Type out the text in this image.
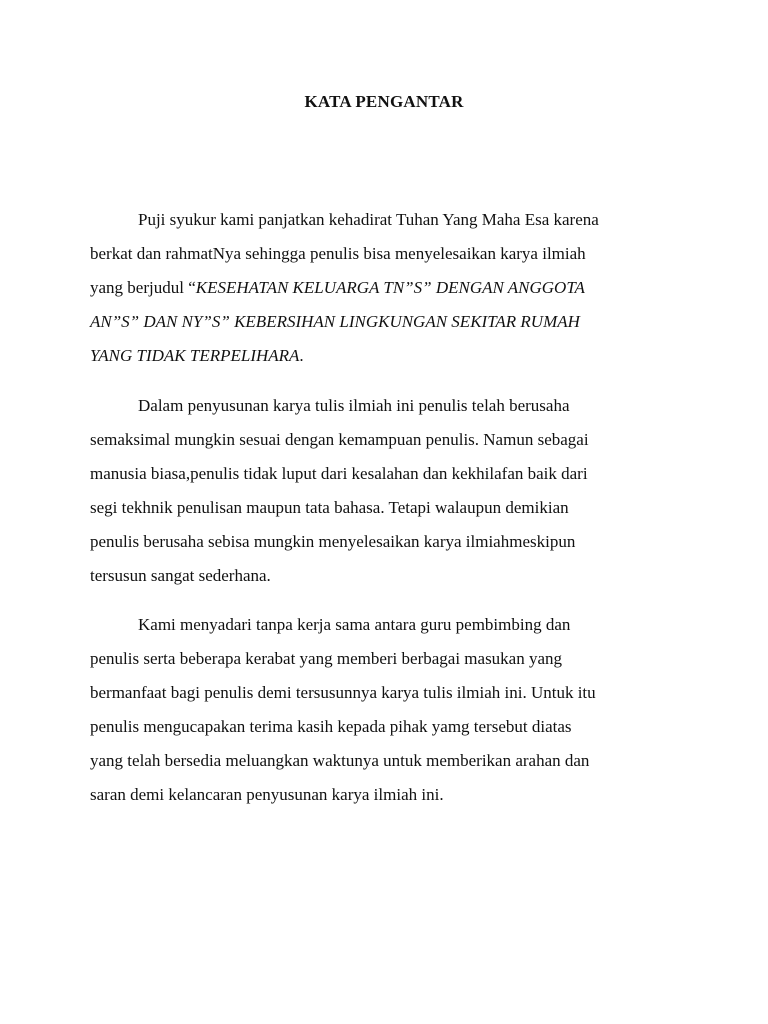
KATA PENGANTAR
Puji syukur kami panjatkan kehadirat Tuhan Yang Maha Esa karena
berkat dan rahmatNya sehingga penulis bisa menyelesaikan karya ilmiah
yang berjudul “KESEHATAN KELUARGA TN”S” DENGAN ANGGOTA
AN”S” DAN NY”S” KEBERSIHAN LINGKUNGAN SEKITAR RUMAH
YANG TIDAK TERPELIHARA.
Dalam penyusunan karya tulis ilmiah ini penulis telah berusaha
semaksimal mungkin sesuai dengan kemampuan penulis. Namun sebagai
manusia biasa,penulis tidak luput dari kesalahan dan kekhilafan baik dari
segi tekhnik penulisan maupun tata bahasa. Tetapi walaupun demikian
penulis berusaha sebisa mungkin menyelesaikan karya ilmiahmeskipun
tersusun sangat sederhana.
Kami menyadari tanpa kerja sama antara guru pembimbing dan
penulis serta beberapa kerabat yang memberi berbagai masukan yang
bermanfaat bagi penulis demi tersusunnya karya tulis ilmiah ini. Untuk itu
penulis mengucapakan terima kasih kepada pihak yamg tersebut diatas
yang telah bersedia meluangkan waktunya untuk memberikan arahan dan
saran demi kelancaran penyusunan karya ilmiah ini.
